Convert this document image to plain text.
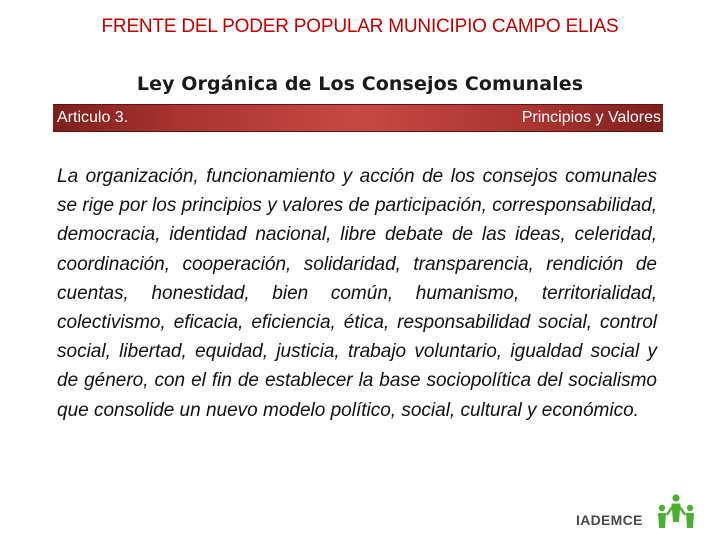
FRENTE DEL PODER POPULAR MUNICIPIO CAMPO ELIAS
Ley Orgánica de Los Consejos Comunales
Articulo 3.	Principios y Valores
La organización, funcionamiento y acción de los consejos comunales se rige por los principios y valores de participación, corresponsabilidad, democracia, identidad nacional, libre debate de las ideas, celeridad, coordinación, cooperación, solidaridad, transparencia, rendición de cuentas, honestidad, bien común, humanismo, territorialidad, colectivismo, eficacia, eficiencia, ética, responsabilidad social, control social, libertad, equidad, justicia, trabajo voluntario, igualdad social y de género, con el fin de establecer la base sociopolítica del socialismo que consolide un nuevo modelo político, social, cultural y económico.
IADEMCE
